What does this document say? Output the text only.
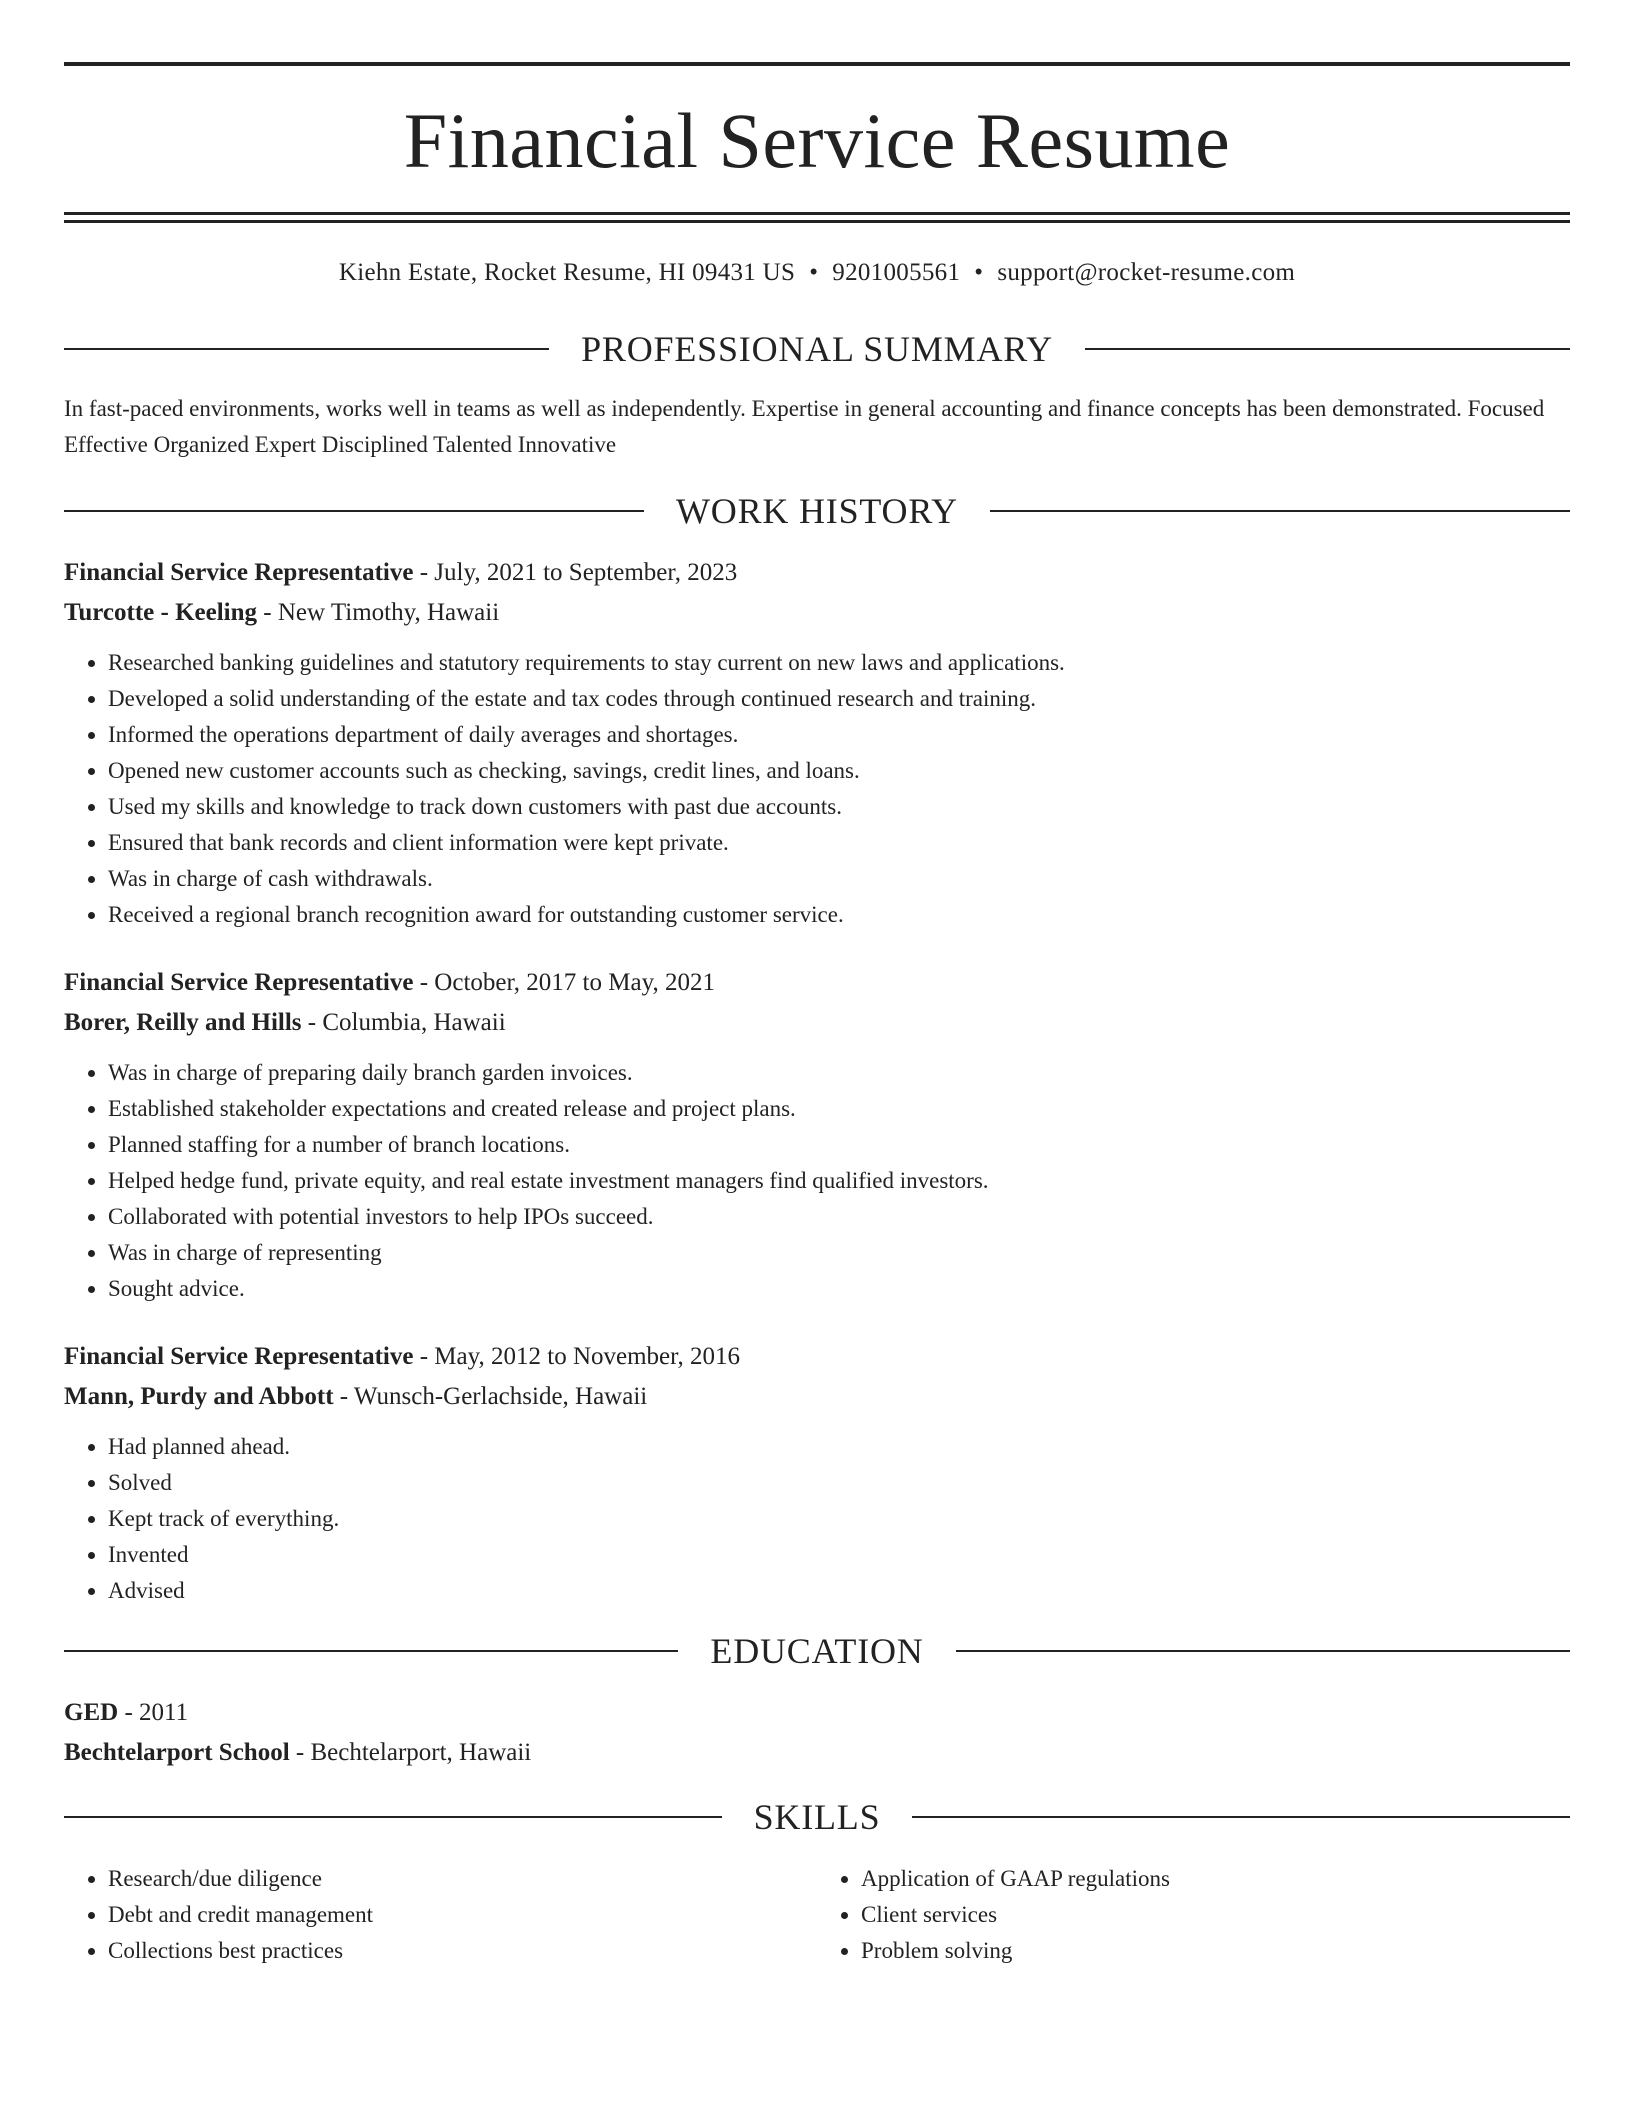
Financial Service Resume
Kiehn Estate, Rocket Resume, HI 09431 US • 9201005561 • support@rocket-resume.com
PROFESSIONAL SUMMARY
In fast-paced environments, works well in teams as well as independently. Expertise in general accounting and finance concepts has been demonstrated. Focused Effective Organized Expert Disciplined Talented Innovative
WORK HISTORY
Financial Service Representative - July, 2021 to September, 2023
Turcotte - Keeling - New Timothy, Hawaii
• Researched banking guidelines and statutory requirements to stay current on new laws and applications.
• Developed a solid understanding of the estate and tax codes through continued research and training.
• Informed the operations department of daily averages and shortages.
• Opened new customer accounts such as checking, savings, credit lines, and loans.
• Used my skills and knowledge to track down customers with past due accounts.
• Ensured that bank records and client information were kept private.
• Was in charge of cash withdrawals.
• Received a regional branch recognition award for outstanding customer service.
Financial Service Representative - October, 2017 to May, 2021
Borer, Reilly and Hills - Columbia, Hawaii
• Was in charge of preparing daily branch garden invoices.
• Established stakeholder expectations and created release and project plans.
• Planned staffing for a number of branch locations.
• Helped hedge fund, private equity, and real estate investment managers find qualified investors.
• Collaborated with potential investors to help IPOs succeed.
• Was in charge of representing
• Sought advice.
Financial Service Representative - May, 2012 to November, 2016
Mann, Purdy and Abbott - Wunsch-Gerlachside, Hawaii
• Had planned ahead.
• Solved
• Kept track of everything.
• Invented
• Advised
EDUCATION
GED - 2011
Bechtelarport School - Bechtelarport, Hawaii
SKILLS
• Research/due diligence
• Debt and credit management
• Collections best practices
• Application of GAAP regulations
• Client services
• Problem solving
